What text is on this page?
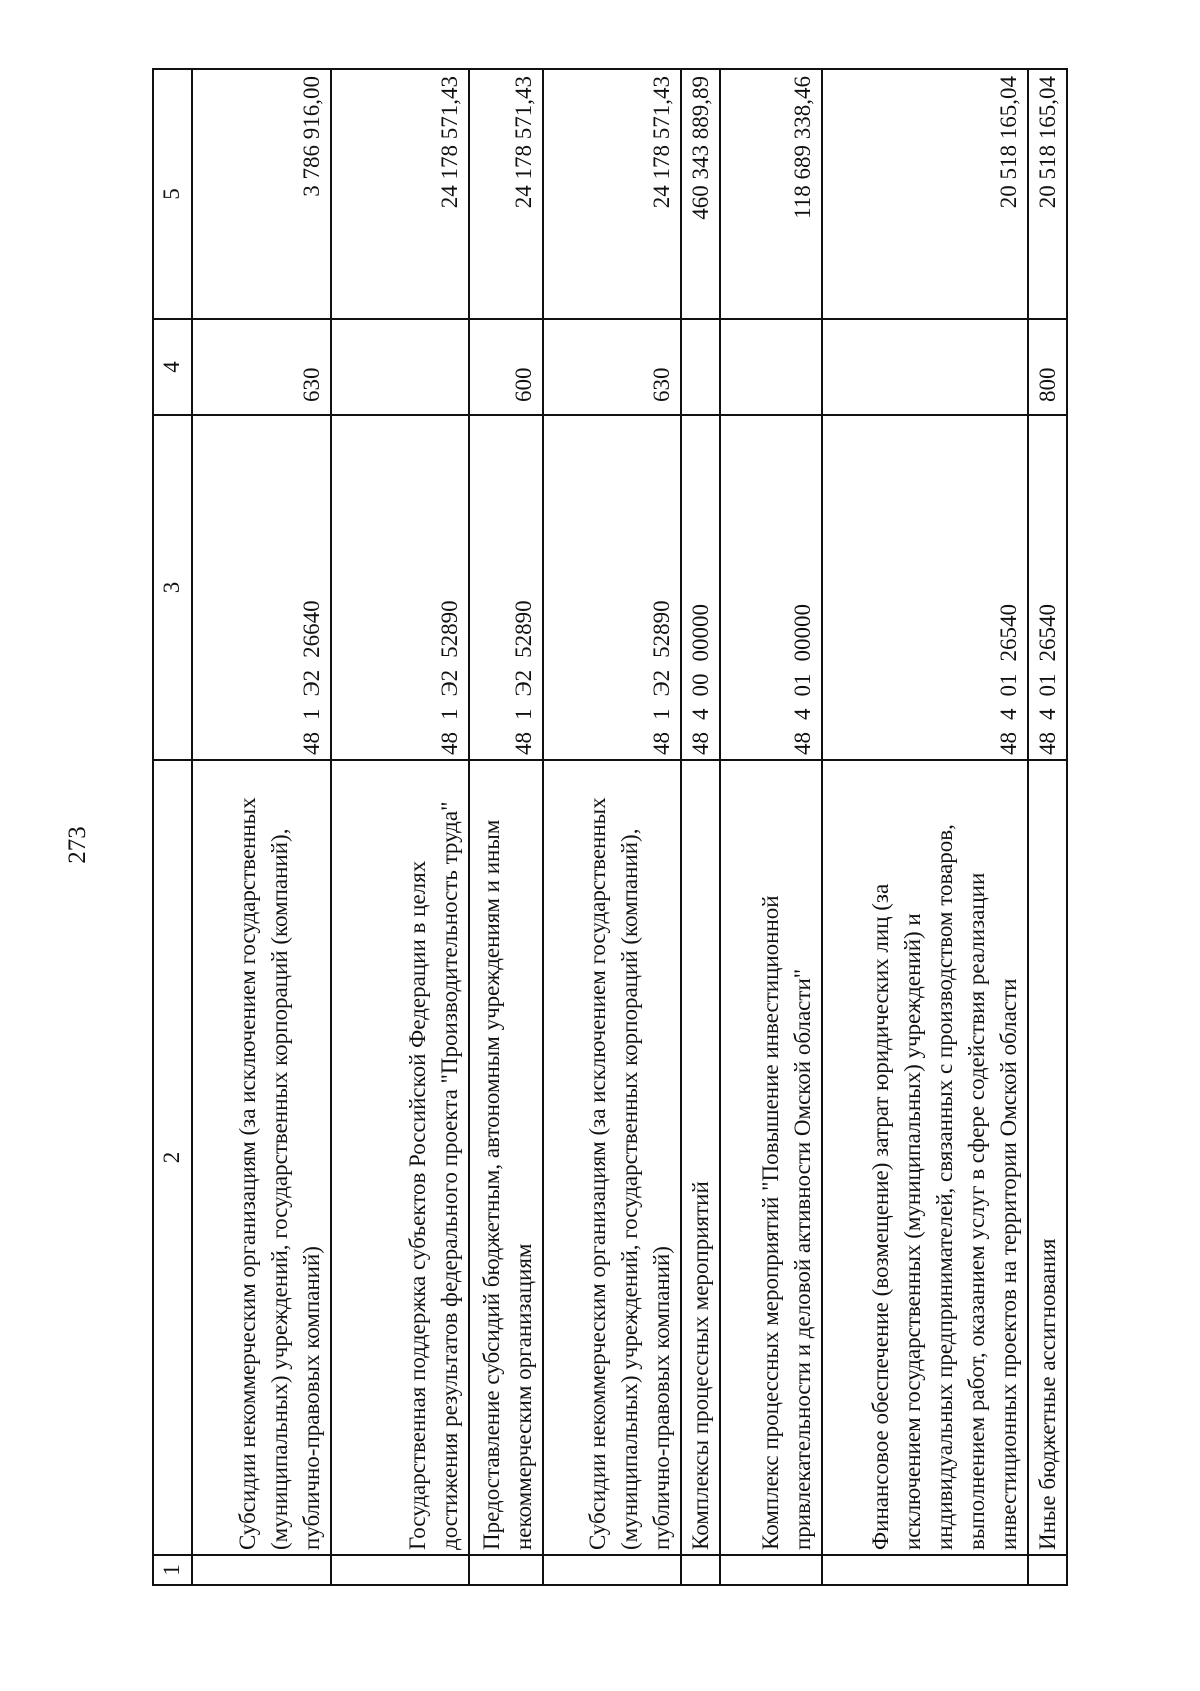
273
1	2	3	4	5
	Субсидии некоммерческим организациям (за исключением государственных (муниципальных) учреждений, государственных корпораций (компаний), публично-правовых компаний)	481Э226640	630	3 786 916,00
	Государственная поддержка субъектов Российской Федерации в целях достижения результатов федерального проекта "Производительность труда"	481Э252890		24 178 571,43
	Предоставление субсидий бюджетным, автономным учреждениям и иным некоммерческим организациям	481Э252890	600	24 178 571,43
	Субсидии некоммерческим организациям (за исключением государственных (муниципальных) учреждений, государственных корпораций (компаний), публично-правовых компаний)	481Э252890	630	24 178 571,43
	Комплексы процессных мероприятий	4840000000		460 343 889,89
	Комплекс процессных мероприятий "Повышение инвестиционной привлекательности и деловой активности Омской области"	4840100000		118 689 338,46
	Финансовое обеспечение (возмещение) затрат юридических лиц (за исключением государственных (муниципальных) учреждений) и индивидуальных предпринимателей, связанных с производством товаров, выполнением работ, оказанием услуг в сфере содействия реализации инвестиционных проектов на территории Омской области	4840126540		20 518 165,04
	Иные бюджетные ассигнования	4840126540	800	20 518 165,04
